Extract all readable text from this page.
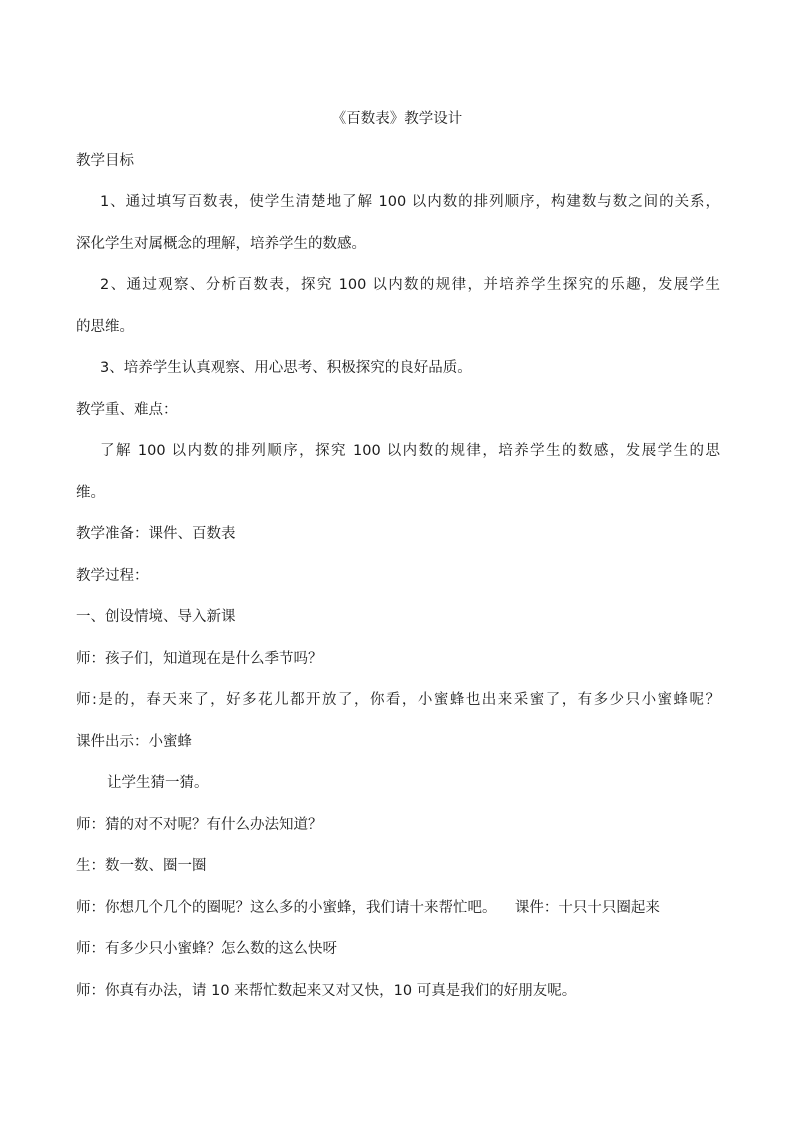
《百数表》教学设计
教学目标
1、通过填写百数表，使学生清楚地了解 100 以内数的排列顺序，构建数与数之间的关系，
深化学生对属概念的理解，培养学生的数感。
2、通过观察、分析百数表，探究 100 以内数的规律，并培养学生探究的乐趣，发展学生
的思维。
3、培养学生认真观察、用心思考、积极探究的良好品质。
教学重、难点：
了解 100 以内数的排列顺序，探究 100 以内数的规律，培养学生的数感，发展学生的思
维。
教学准备：课件、百数表
教学过程：
一、创设情境、导入新课
师：孩子们，知道现在是什么季节吗？
师:是的，春天来了，好多花儿都开放了，你看，小蜜蜂也出来采蜜了，有多少只小蜜蜂呢？
课件出示：小蜜蜂
让学生猜一猜。
师：猜的对不对呢？有什么办法知道？
生：数一数、圈一圈
师：你想几个几个的圈呢？这么多的小蜜蜂，我们请十来帮忙吧。    课件：十只十只圈起来
师：有多少只小蜜蜂？怎么数的这么快呀
师：你真有办法，请 10 来帮忙数起来又对又快，10 可真是我们的好朋友呢。
